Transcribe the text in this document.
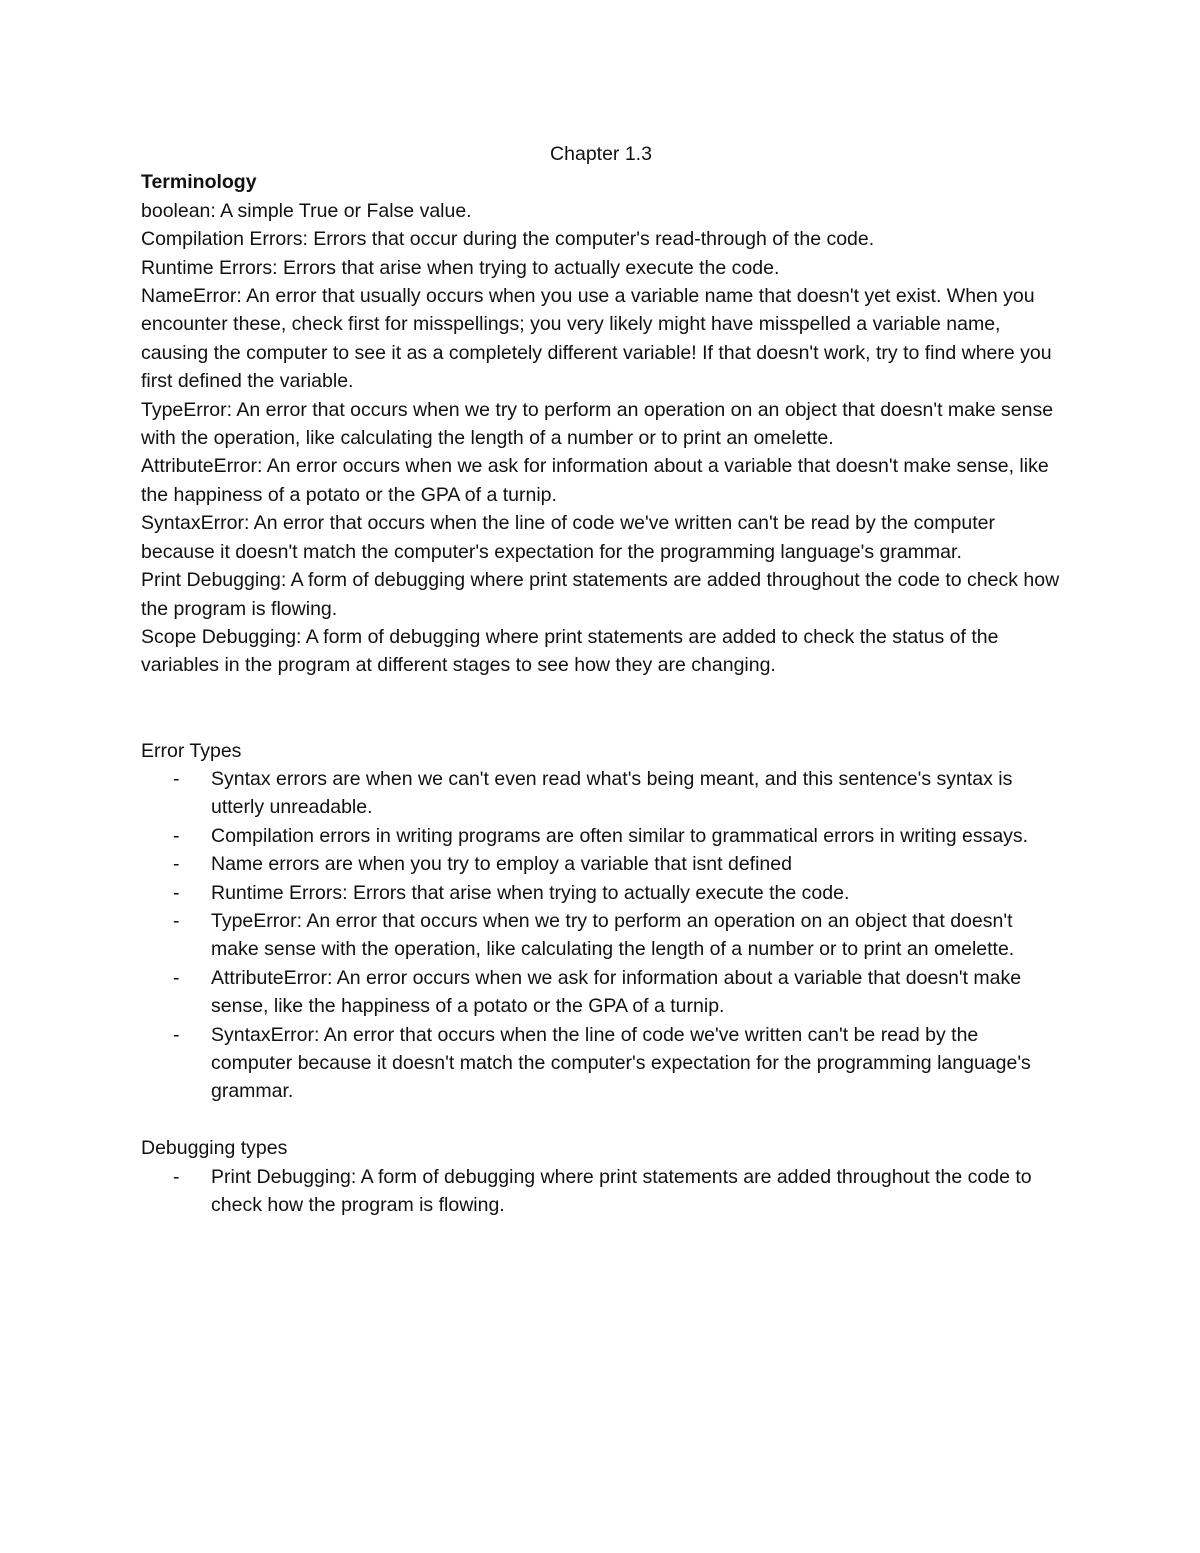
Chapter 1.3

Terminology

boolean: A simple True or False value.

Compilation Errors: Errors that occur during the computer's read-through of the code.

Runtime Errors: Errors that arise when trying to actually execute the code.

NameError: An error that usually occurs when you use a variable name that doesn't yet exist. When you encounter these, check first for misspellings; you very likely might have misspelled a variable name, causing the computer to see it as a completely different variable! If that doesn't work, try to find where you first defined the variable.

TypeError: An error that occurs when we try to perform an operation on an object that doesn't make sense with the operation, like calculating the length of a number or to print an omelette.

AttributeError: An error occurs when we ask for information about a variable that doesn't make sense, like the happiness of a potato or the GPA of a turnip.

SyntaxError: An error that occurs when the line of code we've written can't be read by the computer because it doesn't match the computer's expectation for the programming language's grammar.

Print Debugging: A form of debugging where print statements are added throughout the code to check how the program is flowing.

Scope Debugging: A form of debugging where print statements are added to check the status of the variables in the program at different stages to see how they are changing.

Error Types

- Syntax errors are when we can't even read what's being meant, and this sentence's syntax is utterly unreadable.
- Compilation errors in writing programs are often similar to grammatical errors in writing essays.
- Name errors are when you try to employ a variable that isnt defined
- Runtime Errors: Errors that arise when trying to actually execute the code.
- TypeError: An error that occurs when we try to perform an operation on an object that doesn't make sense with the operation, like calculating the length of a number or to print an omelette.
- AttributeError: An error occurs when we ask for information about a variable that doesn't make sense, like the happiness of a potato or the GPA of a turnip.
- SyntaxError: An error that occurs when the line of code we've written can't be read by the computer because it doesn't match the computer's expectation for the programming language's grammar.

Debugging types

- Print Debugging: A form of debugging where print statements are added throughout the code to check how the program is flowing.
